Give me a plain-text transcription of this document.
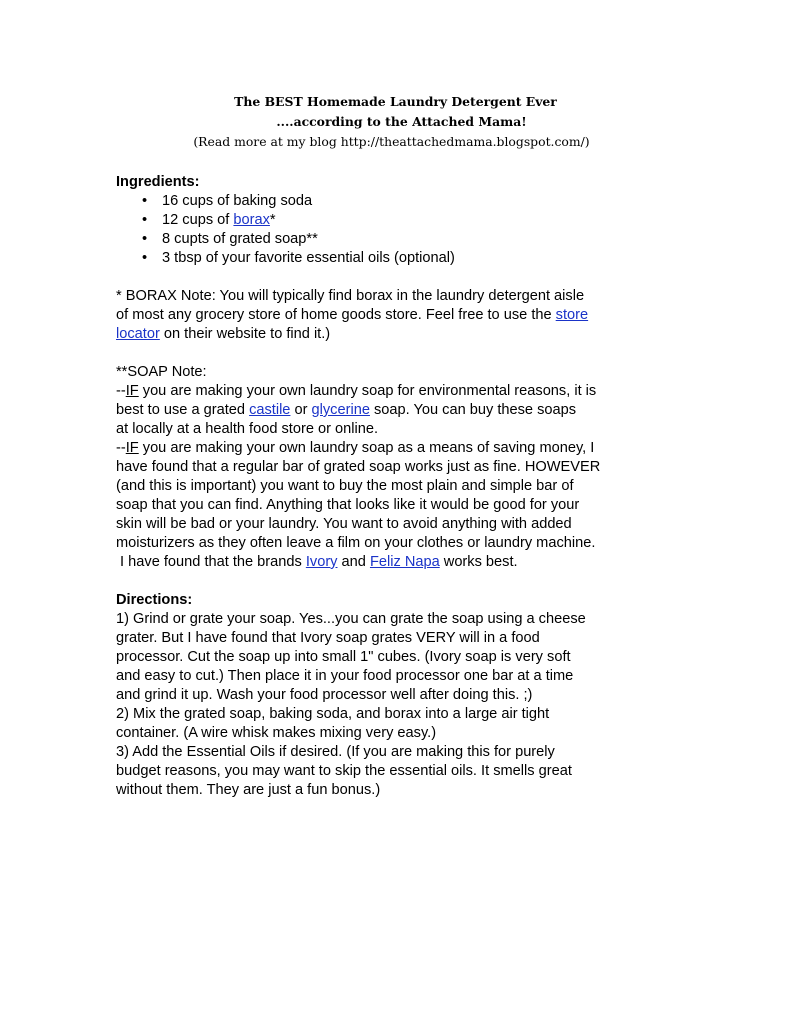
The BEST Homemade Laundry Detergent Ever
....according to the Attached Mama!
(Read more at my blog http://theattachedmama.blogspot.com/)
Ingredients:
• 16 cups of baking soda
• 12 cups of borax*
• 8 cupts of grated soap**
• 3 tbsp of your favorite essential oils (optional)
* BORAX Note: You will typically find borax in the laundry detergent aisle
of most any grocery store of home goods store. Feel free to use the store
locator on their website to find it.)
**SOAP Note:
--IF you are making your own laundry soap for environmental reasons, it is
best to use a grated castile or glycerine soap. You can buy these soaps
at locally at a health food store or online.
--IF you are making your own laundry soap as a means of saving money, I
have found that a regular bar of grated soap works just as fine. HOWEVER
(and this is important) you want to buy the most plain and simple bar of
soap that you can find. Anything that looks like it would be good for your
skin will be bad or your laundry. You want to avoid anything with added
moisturizers as they often leave a film on your clothes or laundry machine.
I have found that the brands Ivory and Feliz Napa works best.
Directions:
1) Grind or grate your soap. Yes...you can grate the soap using a cheese
grater. But I have found that Ivory soap grates VERY will in a food
processor. Cut the soap up into small 1" cubes. (Ivory soap is very soft
and easy to cut.) Then place it in your food processor one bar at a time
and grind it up. Wash your food processor well after doing this. ;)
2) Mix the grated soap, baking soda, and borax into a large air tight
container. (A wire whisk makes mixing very easy.)
3) Add the Essential Oils if desired. (If you are making this for purely
budget reasons, you may want to skip the essential oils. It smells great
without them. They are just a fun bonus.)
